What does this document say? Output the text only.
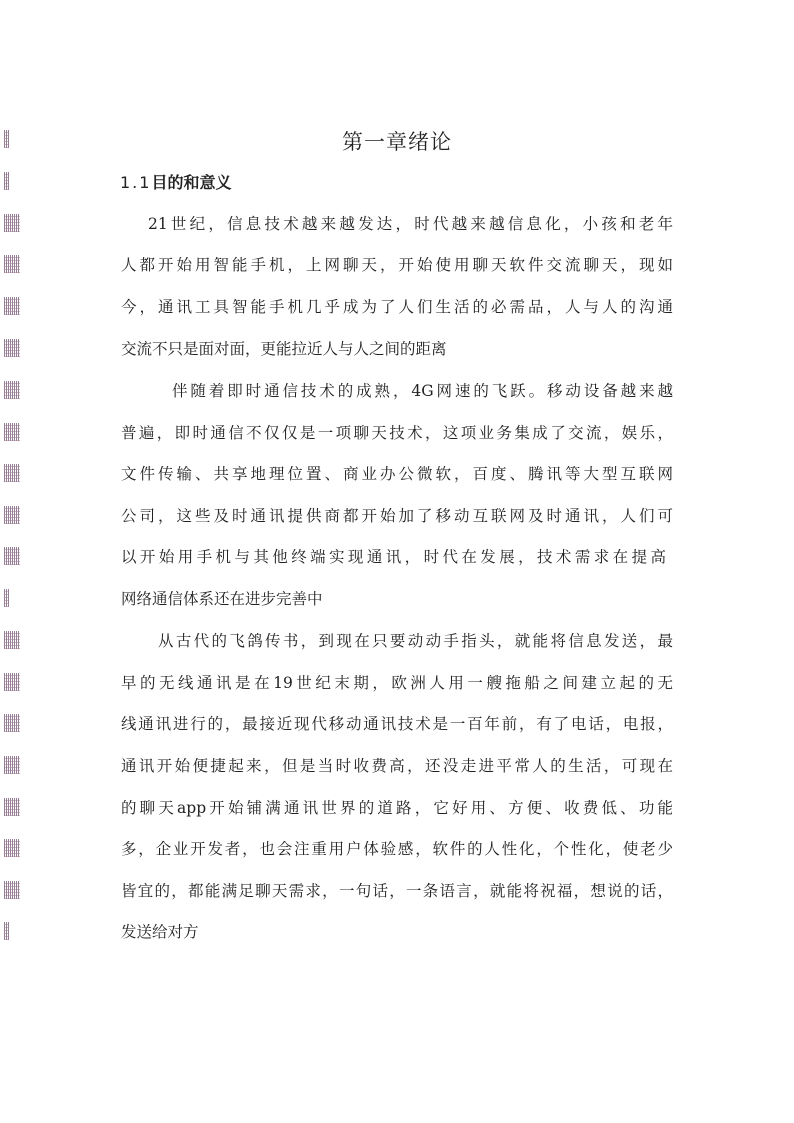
第一章绪论
1.1目的和意义
21世纪，信息技术越来越发达，时代越来越信息化，小孩和老年
人都开始用智能手机，上网聊天，开始使用聊天软件交流聊天，现如
今，通讯工具智能手机几乎成为了人们生活的必需品，人与人的沟通
交流不只是面对面，更能拉近人与人之间的距离
伴随着即时通信技术的成熟，4G网速的飞跃。移动设备越来越
普遍，即时通信不仅仅是一项聊天技术，这项业务集成了交流，娱乐，
文件传输、共享地理位置、商业办公微软，百度、腾讯等大型互联网
公司，这些及时通讯提供商都开始加了移动互联网及时通讯，人们可
以开始用手机与其他终端实现通讯，时代在发展，技术需求在提高
网络通信体系还在进步完善中
从古代的飞鸽传书，到现在只要动动手指头，就能将信息发送，最
早的无线通讯是在19世纪末期，欧洲人用一艘拖船之间建立起的无
线通讯进行的，最接近现代移动通讯技术是一百年前，有了电话，电报，
通讯开始便捷起来，但是当时收费高，还没走进平常人的生活，可现在
的聊天app开始铺满通讯世界的道路，它好用、方便、收费低、功能
多，企业开发者，也会注重用户体验感，软件的人性化，个性化，使老少
皆宜的，都能满足聊天需求，一句话，一条语言，就能将祝福，想说的话，
发送给对方
